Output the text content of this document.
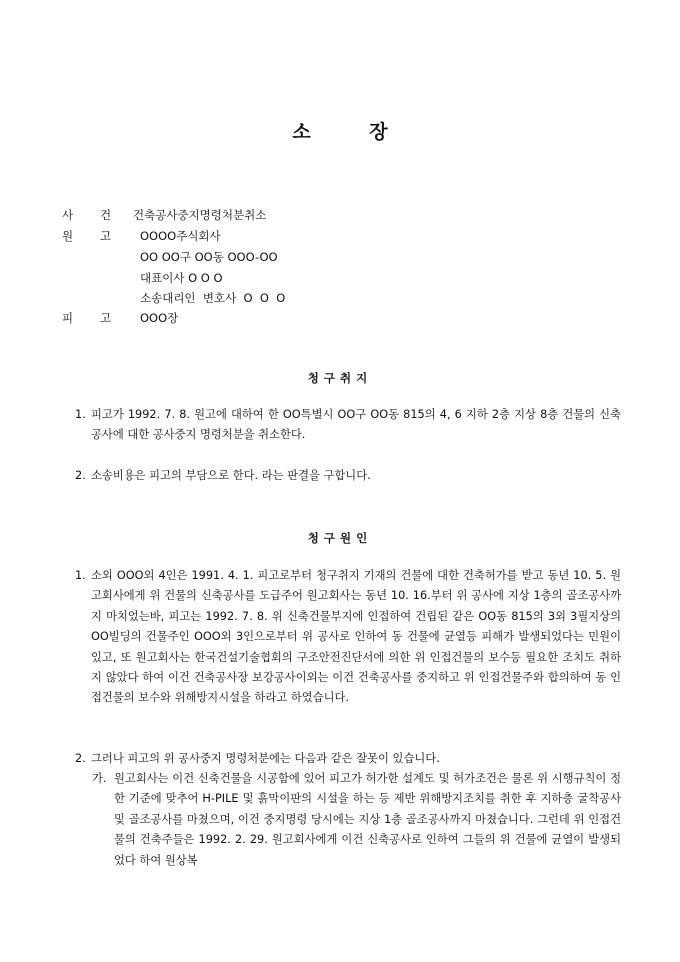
소 장
사 건 건축공사중지명령처분취소
원 고	OOOO주식회사
OO OO구 OO동 OOO-OO
대표이사 O O O
소송대리인  변호사  O  O  O
피 고	OOO장
청구취지
1. 피고가 1992. 7. 8. 원고에 대하여 한 OO특별시 OO구 OO동 815의 4, 6 지하 2층 지상 8층 건물의 신축공사에 대한 공사중지 명령처분을 취소한다.
2. 소송비용은 피고의 부담으로 한다. 라는 판결을 구합니다.
청구원인
1. 소외 OOO외 4인은 1991. 4. 1. 피고로부터 청구취지 기재의 건물에 대한 건축허가를 받고 동년 10. 5. 원고회사에게 위 건물의 신축공사를 도급주어 원고회사는 동년 10. 16.부터 위 공사에 지상 1층의 골조공사까지 마치었는바, 피고는 1992. 7. 8. 위 신축건물부지에 인접하여 건립된 같은 OO동 815의 3외 3필지상의 OO빌딩의 건물주인 OOO외 3인으로부터 위 공사로 인하여 동 건물에 균열등 피해가 발생되었다는 민원이 있고, 또 원고회사는 한국건설기술협회의 구조안전진단서에 의한 위 인접건물의 보수등 필요한 조치도 취하지 않았다 하여 이건 건축공사장 보강공사이외는 이건 건축공사를 중지하고 위 인접건물주와 합의하여 동 인접건물의 보수와 위해방지시설을 하라고 하였습니다.
2. 그러나 피고의 위 공사중지 명령처분에는 다음과 같은 잘못이 있습니다.
가. 원고회사는 이건 신축건물을 시공함에 있어 피고가 허가한 설계도 및 허가조건은 물론 위 시행규칙이 정한 기준에 맞추어 H-PILE 및 흙막이판의 시설을 하는 등 제반 위해방지조치를 취한 후 지하층 굴착공사 및 골조공사를 마쳤으며, 이건 중지명령 당시에는 지상 1층 골조공사까지 마쳤습니다. 그런데 위 인접건물의 건축주들은 1992. 2. 29. 원고회사에게 이건 신축공사로 인하여 그들의 위 건물에 균열이 발생되었다 하여 원상복
